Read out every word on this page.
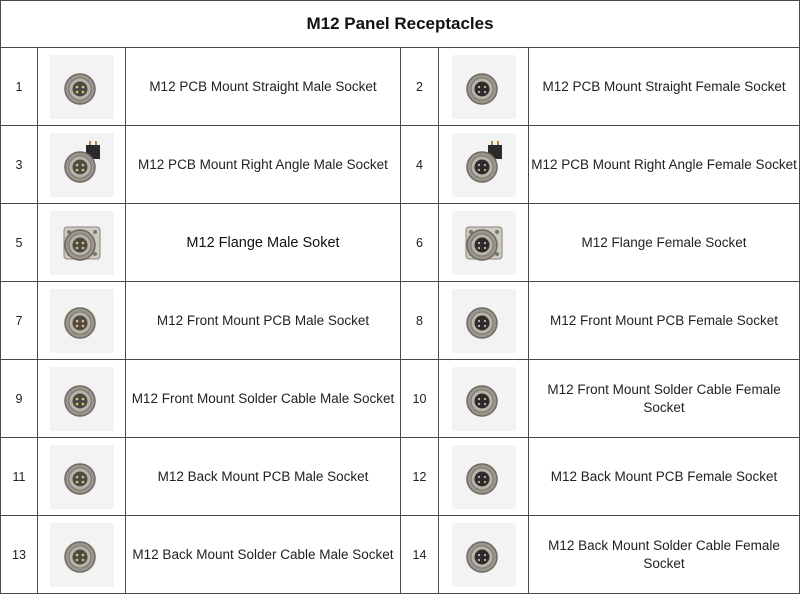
M12 Panel Receptacles					
1		M12 PCB Mount Straight Male Socket	2		M12 PCB Mount Straight Female Socket
3		M12 PCB Mount Right Angle Male Socket	4		M12 PCB Mount Right Angle Female Socket
5		M12 Flange Male Soket	6		M12 Flange Female Socket
7		M12 Front Mount PCB Male Socket	8		M12 Front Mount PCB Female Socket
9		M12 Front Mount Solder Cable Male Socket	10		M12 Front Mount Solder Cable Female Socket
11		M12 Back Mount PCB Male Socket	12		M12 Back Mount PCB Female Socket
13		M12 Back Mount Solder Cable Male Socket	14		M12 Back Mount Solder Cable Female Socket
